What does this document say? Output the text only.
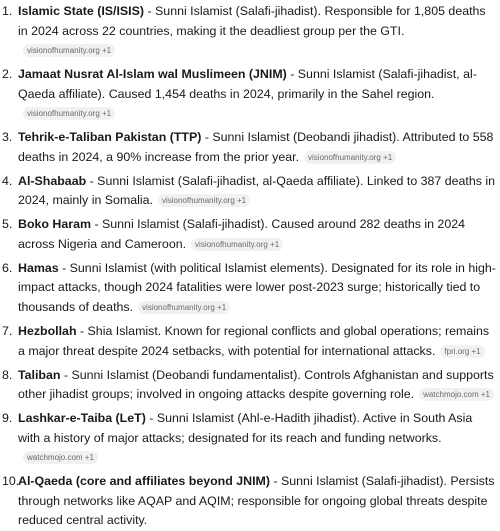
1. Islamic State (IS/ISIS) - Sunni Islamist (Salafi-jihadist). Responsible for 1,805 deaths in 2024 across 22 countries, making it the deadliest group per the GTI.visionofhumanity.org +1
2. Jamaat Nusrat Al-Islam wal Muslimeen (JNIM) - Sunni Islamist (Salafi-jihadist, al-Qaeda affiliate). Caused 1,454 deaths in 2024, primarily in the Sahel region.visionofhumanity.org +1
3. Tehrik-e-Taliban Pakistan (TTP) - Sunni Islamist (Deobandi jihadist). Attributed to 558 deaths in 2024, a 90% increase from the prior year. visionofhumanity.org +1
4. Al-Shabaab - Sunni Islamist (Salafi-jihadist, al-Qaeda affiliate). Linked to 387 deaths in 2024, mainly in Somalia. visionofhumanity.org +1
5. Boko Haram - Sunni Islamist (Salafi-jihadist). Caused around 282 deaths in 2024 across Nigeria and Cameroon. visionofhumanity.org +1
6. Hamas - Sunni Islamist (with political Islamist elements). Designated for its role in high-impact attacks, though 2024 fatalities were lower post-2023 surge; historically tied to thousands of deaths. visionofhumanity.org +1
7. Hezbollah - Shia Islamist. Known for regional conflicts and global operations; remains a major threat despite 2024 setbacks, with potential for international attacks. fpri.org +1
8. Taliban - Sunni Islamist (Deobandi fundamentalist). Controls Afghanistan and supports other jihadist groups; involved in ongoing attacks despite governing role. watchmojo.com +1
9. Lashkar-e-Taiba (LeT) - Sunni Islamist (Ahl-e-Hadith jihadist). Active in South Asia with a history of major attacks; designated for its reach and funding networks.watchmojo.com +1
10.
Al-Qaeda (core and affiliates beyond JNIM) - Sunni Islamist (Salafi-jihadist). Persists through networks like AQAP and AQIM; responsible for ongoing global threats despite reduced central activity.
